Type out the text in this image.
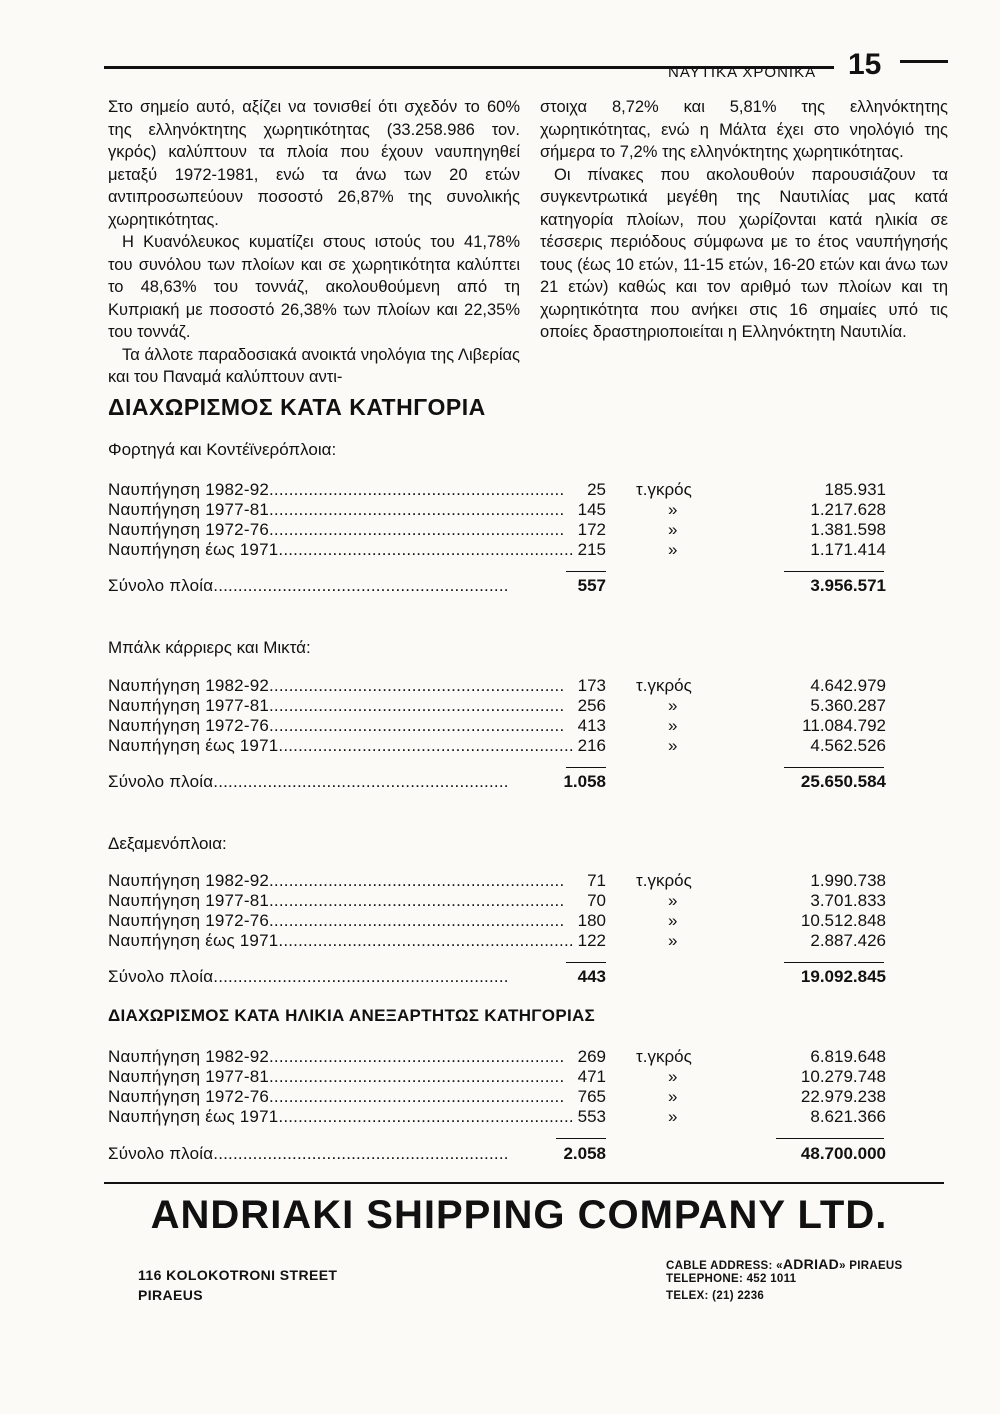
ΝΑΥΤΙΚΑ ΧΡΟΝΙΚΑ 15

Στο σημείο αυτό, αξίζει να τονισθεί ότι σχεδόν το 60% της ελληνόκτητης χωρητικότητας (33.258.986 τον. γκρός) καλύπτουν τα πλοία που έχουν ναυπηγηθεί μεταξύ 1972-1981, ενώ τα άνω των 20 ετών αντιπροσωπεύουν ποσοστό 26,87% της συνολικής χωρητικότητας.

Η Κυανόλευκος κυματίζει στους ιστούς του 41,78% του συνόλου των πλοίων και σε χωρητικότητα καλύπτει το 48,63% του τοννάζ, ακολουθούμενη από τη Κυπριακή με ποσοστό 26,38% των πλοίων και 22,35% του τοννάζ.

Τα άλλοτε παραδοσιακά ανοικτά νηολόγια της Λιβερίας και του Παναμά καλύπτουν αντι-

στοιχα 8,72% και 5,81% της ελληνόκτητης χωρητικότητας, ενώ η Μάλτα έχει στο νηολόγιό της σήμερα το 7,2% της ελληνόκτητης χωρητικότητας.

Οι πίνακες που ακολουθούν παρουσιάζουν τα συγκεντρωτικά μεγέθη της Ναυτιλίας μας κατά κατηγορία πλοίων, που χωρίζονται κατά ηλικία σε τέσσερις περιόδους σύμφωνα με το έτος ναυπήγησής τους (έως 10 ετών, 11-15 ετών, 16-20 ετών και άνω των 21 ετών) καθώς και τον αριθμό των πλοίων και τη χωρητικότητα που ανήκει στις 16 σημαίες υπό τις οποίες δραστηριοποιείται η Ελληνόκτητη Ναυτιλία.

ΔΙΑΧΩΡΙΣΜΟΣ ΚΑΤΑ ΚΑΤΗΓΟΡΙΑ
Φορτηγά και Κοντέϊνερόπλοια:
Ναυπήγηση 1982-92............................................................ 25 τ.γκρός	185.931
Ναυπήγηση 1977-81............................................................ 145	»	1.217.628
Ναυπήγηση 1972-76............................................................ 172	»	1.381.598
Ναυπήγηση έως 1971............................................................ 215	»	1.171.414
Σύνολο πλοία............................................................	557	3.956.571
Μπάλκ κάρριερς και Μικτά:
Ναυπήγηση 1982-92............................................................ 173 τ.γκρός	4.642.979
Ναυπήγηση 1977-81............................................................ 256	»	5.360.287
Ναυπήγηση 1972-76............................................................ 413	»	11.084.792
Ναυπήγηση έως 1971............................................................ 216	»	4.562.526
Σύνολο πλοία............................................................	1.058	25.650.584
Δεξαμενόπλοια:
Ναυπήγηση 1982-92............................................................ 71 τ.γκρός	1.990.738
Ναυπήγηση 1977-81............................................................ 70	»	3.701.833
Ναυπήγηση 1972-76............................................................ 180	»	10.512.848
Ναυπήγηση έως 1971............................................................ 122	»	2.887.426
Σύνολο πλοία............................................................	443	19.092.845
ΔΙΑΧΩΡΙΣΜΟΣ ΚΑΤΑ ΗΛΙΚΙΑ ΑΝΕΞΑΡΤΗΤΩΣ ΚΑΤΗΓΟΡΙΑΣ
Ναυπήγηση 1982-92............................................................ 269 τ.γκρός	6.819.648
Ναυπήγηση 1977-81............................................................ 471	»	10.279.748
Ναυπήγηση 1972-76............................................................ 765	»	22.979.238
Ναυπήγηση έως 1971............................................................ 553	»	8.621.366
Σύνολο πλοία............................................................	2.058	48.700.000
ANDRIAKI SHIPPING COMPANY LTD.
116 KOLOKOTRONI STREET
PIRAEUS
CABLE ADDRESS: «ADRIAD» PIRAEUS
TELEPHONE: 452 1011
TELEX: (21) 2236
